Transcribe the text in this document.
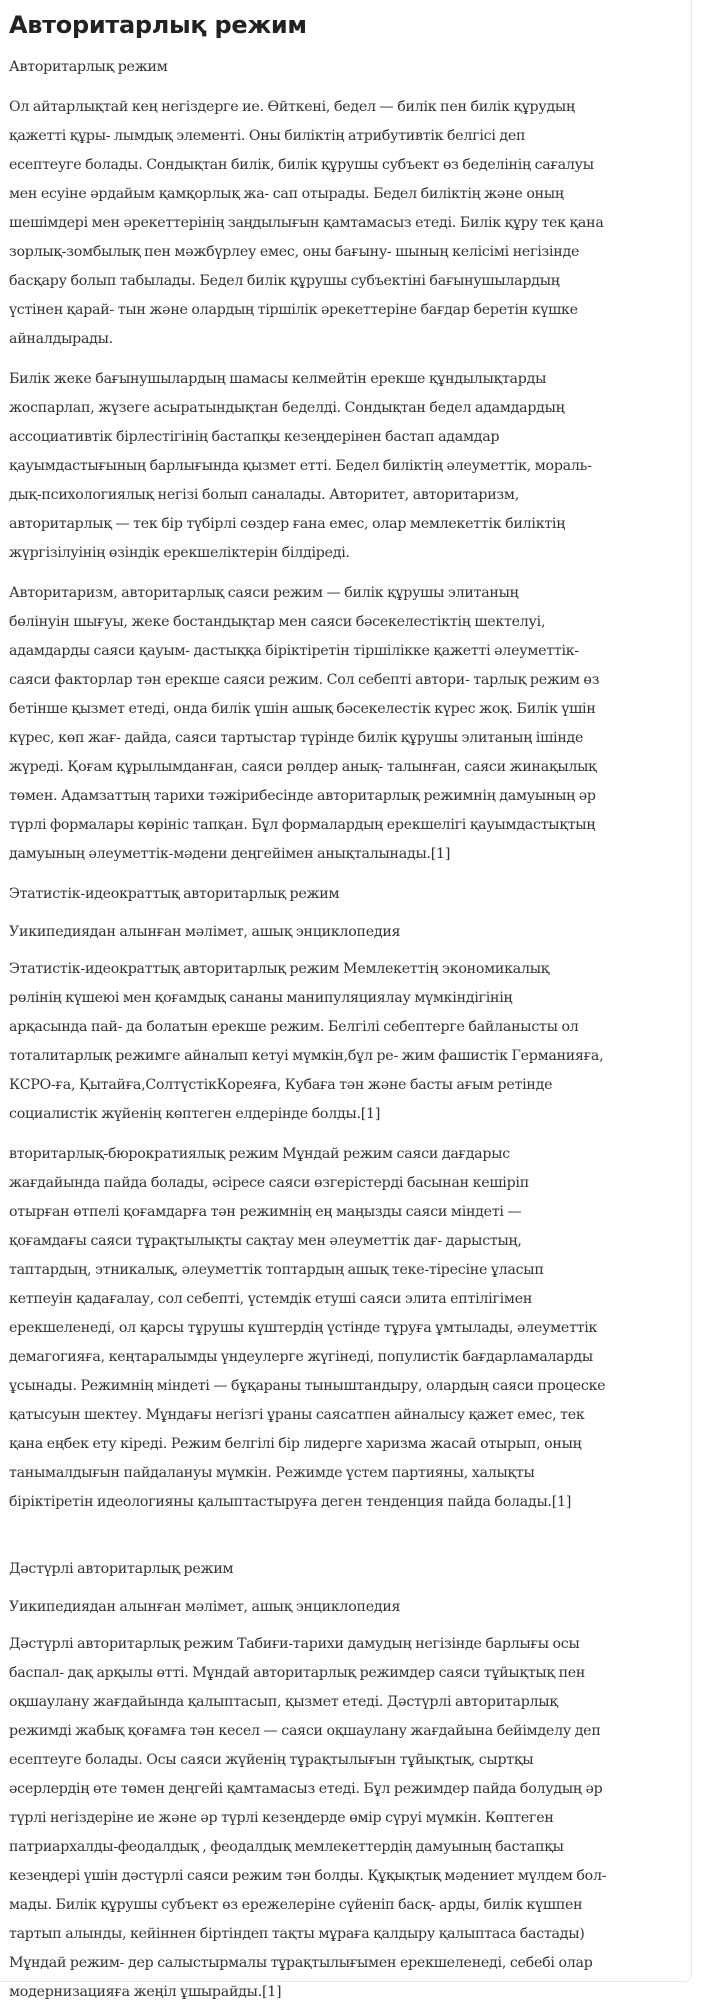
Авторитарлық режим
Авторитарлық режим
Ол айтарлықтай кең негіздерге ие. Өйткені, бедел — билік пен билік құрудың
қажетті құры- лымдық элементі. Оны биліктің атрибутивтік белгісі деп
есептеуге болады. Сондықтан билік, билік құрушы субъект өз беделінің сағалуы
мен есуіне әрдайым қамқорлық жа- сап отырады. Бедел биліктің және оның
шешімдері мен әрекеттерінің заңдылығын қамтамасыз етеді. Билік құру тек қана
зорлық-зомбылық пен мәжбүрлеу емес, оны бағыну- шының келісімі негізінде
басқару болып табылады. Бедел билік құрушы субъектіні бағынушылардың
үстінен қарай- тын және олардың тіршілік әрекеттеріне бағдар беретін күшке
айналдырады.
Билік жеке бағынушылардың шамасы келмейтін ерекше құндылықтарды
жоспарлап, жүзеге асыратындықтан беделді. Сондықтан бедел адамдардың
ассоциативтік бірлестігінің бастапқы кезеңдерінен бастап адамдар
қауымдастығының барлығында қызмет етті. Бедел биліктің әлеуметтік, мораль-
дық-психологиялық негізі болып саналады. Авторитет, авторитаризм,
авторитарлық — тек бір түбірлі сөздер ғана емес, олар мемлекеттік биліктің
жүргізілуінің өзіндік ерекшеліктерін білдіреді.
Авторитаризм, авторитарлық саяси режим — билік құрушы элитаның
бөлінуін шығуы, жеке бостандықтар мен саяси бәсекелестіктің шектелуі,
адамдарды саяси қауым- дастыққа біріктіретін тіршілікке қажетті әлеуметтік-
саяси факторлар тән ерекше саяси режим. Сол себепті автори- тарлық режим өз
бетінше қызмет етеді, онда билік үшін ашық бәсекелестік күрес жоқ. Билік үшін
күрес, көп жағ- дайда, саяси тартыстар түрінде билік құрушы элитаның ішінде
жүреді. Қоғам құрылымданған, саяси рөлдер анық- талынған, саяси жинақылық
төмен. Адамзаттың тарихи тәжірибесінде авторитарлық режимнің дамуының әр
түрлі формалары көрініс тапқан. Бұл формалардың ерекшелігі қауымдастықтың
дамуының әлеуметтік-мәдени деңгейімен анықталынады.[1]
Этатистік-идеократтық авторитарлық режим
Уикипедиядан алынған мәлімет, ашық энциклопедия
Этатистік-идеократтық авторитарлық режим Мемлекеттің экономикалық
рөлінің күшеюі мен қоғамдық сананы манипуляциялау мүмкіндігінің
арқасында пай- да болатын ерекше режим. Белгілі себептерге байланысты ол
тоталитарлық режимге айналып кетуі мүмкін,бұл ре- жим фашистік Германияға,
КСРО-ға, Қытайға,СолтүстікКореяға, Кубаға тән және басты ағым ретінде
социалистік жүйенің көптеген елдерінде болды.[1]
вторитарлық-бюрократиялық режим Мұндай режим саяси дағдарыс
жағдайында пайда болады, әсіресе саяси өзгерістерді басынан кешіріп
отырған өтпелі қоғамдарға тән режимнің ең маңызды саяси міндеті —
қоғамдағы саяси тұрақтылықты сақтау мен әлеуметтік дағ- дарыстың,
таптардың, этникалық, әлеуметтік топтардың ашық теке-тіресіне ұласып
кетпеуін қадағалау, сол себепті, үстемдік етуші саяси элита ептілігімен
ерекшеленеді, ол қарсы тұрушы күштердің үстінде тұруға ұмтылады, әлеуметтік
демагогияға, кеңтаралымды үндеулерге жүгінеді, популистік бағдарламаларды
ұсынады. Режимнің міндеті — бұқараны тыныштандыру, олардың саяси процеске
қатысуын шектеу. Мұндағы негізгі ұраны саясатпен айналысу қажет емес, тек
қана еңбек ету кіреді. Режим белгілі бір лидерге харизма жасай отырып, оның
танымалдығын пайдалануы мүмкін. Режимде үстем партияны, халықты
біріктіретін идеологияны қалыптастыруға деген тенденция пайда болады.[1]
Дәстүрлі авторитарлық режим
Уикипедиядан алынған мәлімет, ашық энциклопедия
Дәстүрлі авторитарлық режим Табиғи-тарихи дамудың негізінде барлығы осы
баспал- дақ арқылы өтті. Мұндай авторитарлық режимдер саяси тұйықтық пен
оқшаулану жағдайында қалыптасып, қызмет етеді. Дәстүрлі авторитарлық
режимді жабық қоғамға тән кесел — саяси оқшаулану жағдайына бейімделу деп
есептеуге болады. Осы саяси жүйенің тұрақтылығын тұйықтық, сыртқы
әсерлердің өте төмен деңгейі қамтамасыз етеді. Бұл режимдер пайда болудың әр
түрлі негіздеріне ие және әр түрлі кезеңдерде өмір сүруі мүмкін. Көптеген
патриархалды-феодалдық , феодалдық мемлекеттердің дамуының бастапқы
кезеңдері үшін дәстүрлі саяси режим тән болды. Құқықтық мәдениет мүлдем бол-
мады. Билік құрушы субъект өз ережелеріне сүйеніп басқ- арды, билік күшпен
тартып алынды, кейіннен біртіндеп тақты мұраға қалдыру қалыптаса бастады)
Мұндай режим- дер салыстырмалы тұрақтылығымен ерекшеленеді, себебі олар
модернизацияға жеңіл ұшырайды.[1]
